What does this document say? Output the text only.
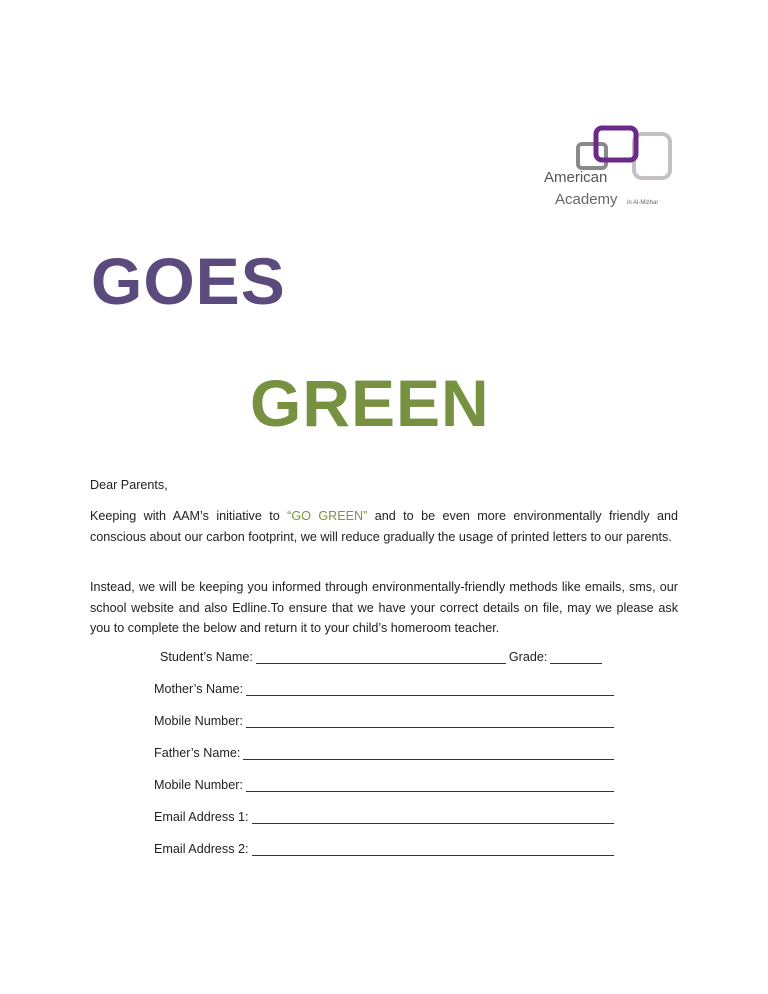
American
Academy in Al-Mizhar
GOES
GREEN
Dear Parents,
Keeping with AAM’s initiative to “GO GREEN” and to be even more environmentally friendly and conscious about our carbon footprint, we will reduce gradually the usage of printed letters to our parents.
Instead, we will be keeping you informed through environmentally-friendly methods like emails, sms, our school website and also Edline.To ensure that we have your correct details on file, may we please ask you to complete the below and return it to your child’s homeroom teacher.
Student’s Name:	Grade:
Mother’s Name:
Mobile Number:
Father’s Name:
Mobile Number:
Email Address 1:
Email Address 2:
